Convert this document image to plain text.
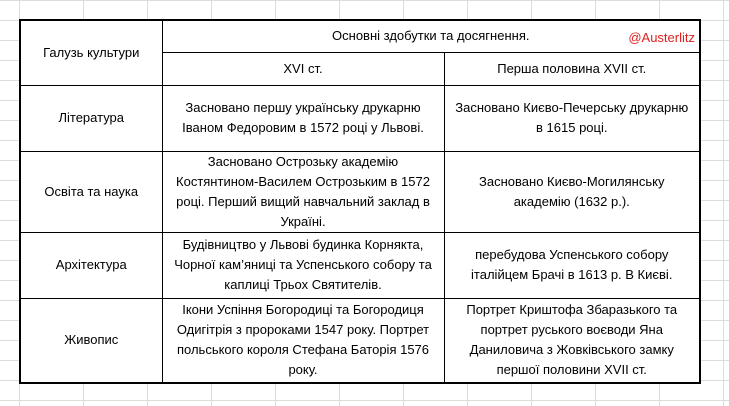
Галузь культури	Основні здобутки та досягнення. @Austerlitz	

	XVI ст.	Перша половина XVII ст.
Література	Засновано першу українську друкарню Іваном Федоровим в 1572 році у Львові.	Засновано Києво-Печерську друкарню в 1615 році.
Освіта та наука	Засновано Острозьку академію Костянтином-Василем Острозьким в 1572 році. Перший вищий навчальний заклад в Україні.	Засновано Києво-Могилянську академію (1632 р.).
Архітектура	Будівництво у Львові будинка Корнякта, Чорної кам’яниці та Успенського собору та каплиці Трьох Святителів.	перебудова Успенського собору італійцем Брачі в 1613 р. В Києві.
Живопис	Ікони Успіння Богородиці та Богородиця Одигітрія з пророками 1547 року. Портрет польського короля Стефана Баторія 1576 року.	Портрет Криштофа Збаразького та портрет руського воєводи Яна Даниловича з Жовківського замку першої половини XVII ст.
